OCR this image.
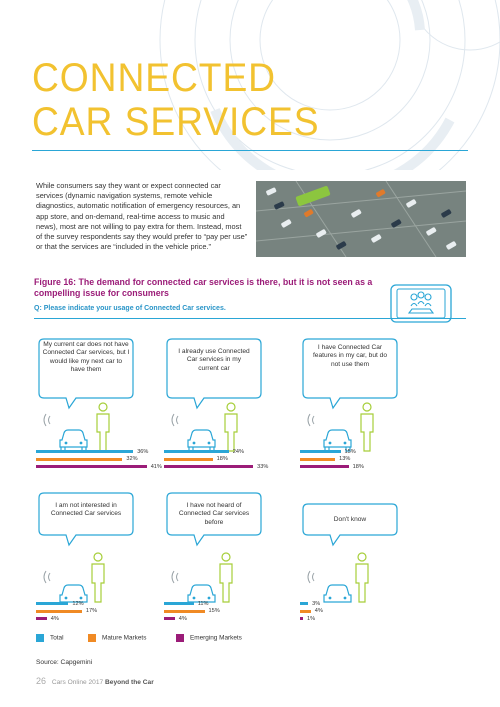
CONNECTED
CAR SERVICES
While consumers say they want or expect connected car services (dynamic navigation systems, remote vehicle diagnostics, automatic notification of emergency resources, an app store, and on-demand, real-time access to music and news), most are not willing to pay extra for them. Instead, most of the survey respondents say they would prefer to “pay per use” or that the services are “included in the vehicle price.”
Figure 16: The demand for connected car services is there, but it is not seen as a compelling issue for consumers
Q: Please indicate your usage of Connected Car services.
My current car does not have Connected Car services, but I would like my next car to have them
I already use Connected Car services in my current car
I have Connected Car features in my car, but do not use them
I am not interested in Connected Car services
I have not heard of Connected Car services before	Don't know
36%
32%
41%
24%
18%
33%
15%
13%
18%
12%
17%
4%
11%
15%
4%
3%
4%
1%
Total	Mature Markets	Emerging Markets
Source: Capgemini
26 Cars Online 2017 Beyond the Car
